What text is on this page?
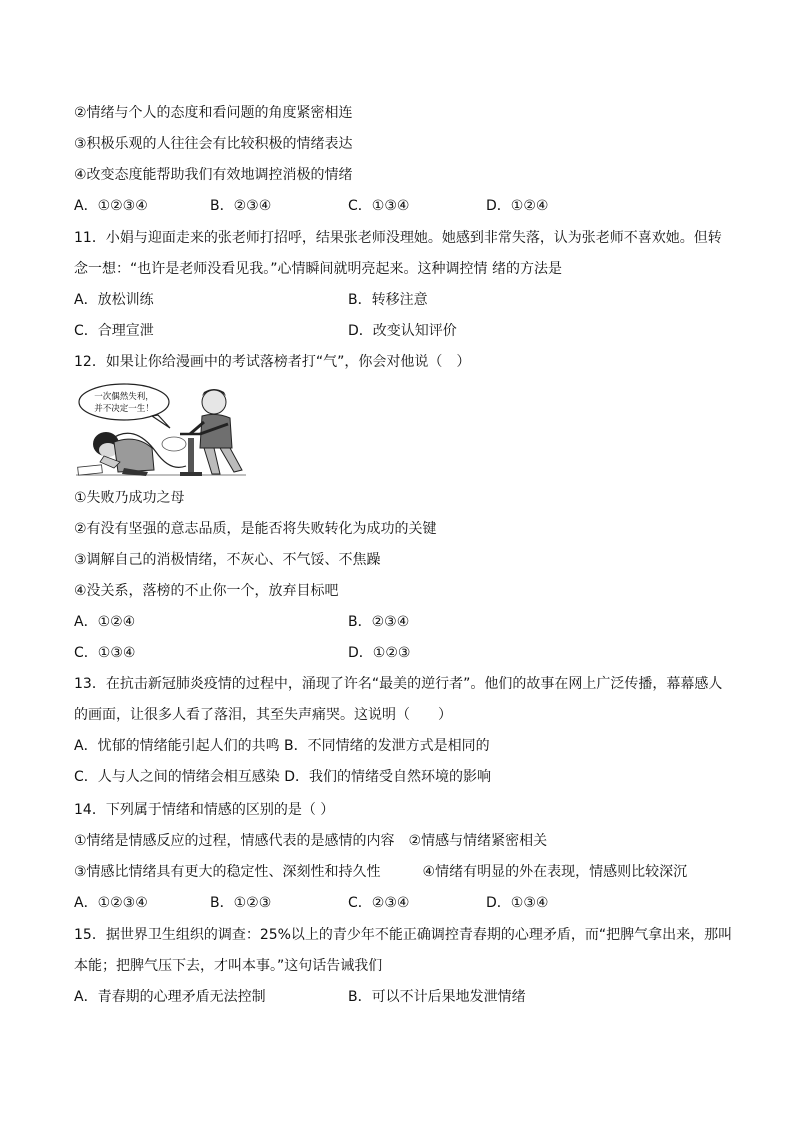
②情绪与个人的态度和看问题的角度紧密相连
③积极乐观的人往往会有比较积极的情绪表达
④改变态度能帮助我们有效地调控消极的情绪
A．①②③④	B．②③④	C．①③④	D．①②④
11．小娟与迎面走来的张老师打招呼，结果张老师没理她。她感到非常失落，认为张老师不喜欢她。但转
念一想：“也许是老师没看见我。”心情瞬间就明亮起来。这种调控情 绪的方法是
A．放松训练	B．转移注意
C．合理宣泄	D．改变认知评价
12．如果让你给漫画中的考试落榜者打“气”，你会对他说（　）
一次偶然失利，
并不决定一生！
①失败乃成功之母
②有没有坚强的意志品质，是能否将失败转化为成功的关键
③调解自己的消极情绪，不灰心、不气馁、不焦躁
④没关系，落榜的不止你一个，放弃目标吧
A．①②④	B．②③④
C．①③④	D．①②③
13．在抗击新冠肺炎疫情的过程中，涌现了许名“最美的逆行者”。他们的故事在网上广泛传播，幕幕感人
的画面，让很多人看了落泪，其至失声痛哭。这说明（　　）
A．忧郁的情绪能引起人们的共鸣 B．不同情绪的发泄方式是相同的
C．人与人之间的情绪会相互感染 D．我们的情绪受自然环境的影响
14．下列属于情绪和情感的区别的是（ ）
①情绪是情感反应的过程，情感代表的是感情的内容　②情感与情绪紧密相关
③情感比情绪具有更大的稳定性、深刻性和持久性　　　④情绪有明显的外在表现，情感则比较深沉
A．①②③④	B．①②③	C．②③④	D．①③④
15．据世界卫生组织的调查：25%以上的青少年不能正确调控青春期的心理矛盾，而“把脾气拿出来，那叫
本能；把脾气压下去，才叫本事。”这句话告诫我们
A．青春期的心理矛盾无法控制	B．可以不计后果地发泄情绪
